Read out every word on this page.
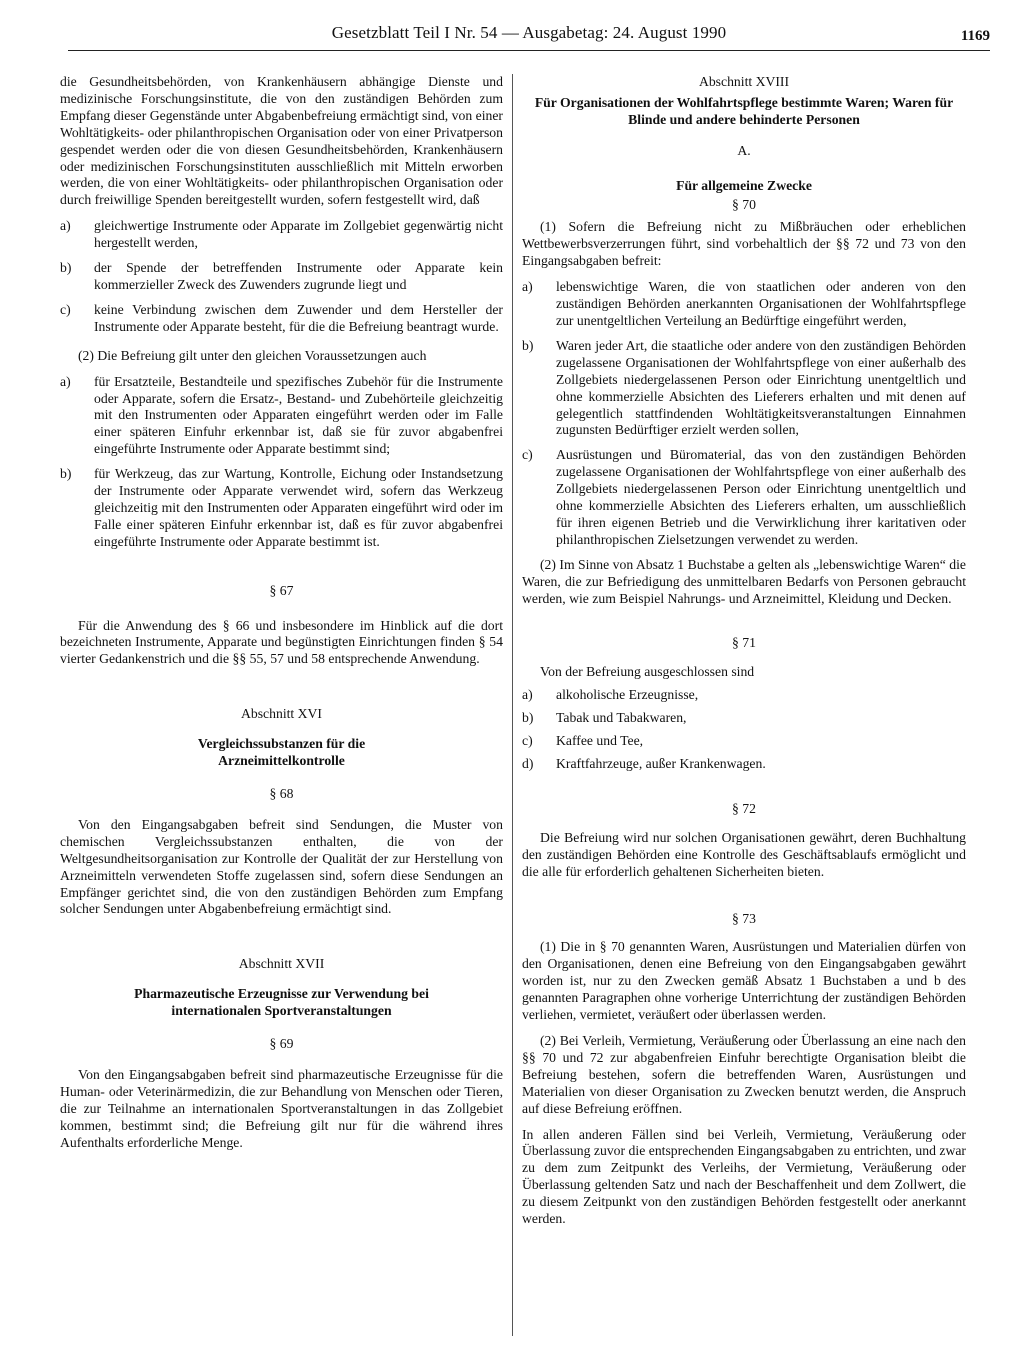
Gesetzblatt Teil I Nr. 54 — Ausgabetag: 24. August 1990	1169

die Gesundheitsbehörden, von Krankenhäusern abhängige Dienste und medizinische Forschungsinstitute, die von den zuständigen Behörden zum Empfang dieser Gegenstände unter Abgabenbefreiung ermächtigt sind, von einer Wohltätigkeits- oder philanthropischen Organisation oder von einer Privatperson gespendet werden oder die von diesen Gesundheitsbehörden, Krankenhäusern oder medizinischen Forschungsinstituten ausschließlich mit Mitteln erworben werden, die von einer Wohltätigkeits- oder philanthropischen Organisation oder durch freiwillige Spenden bereitgestellt wurden, sofern festgestellt wird, daß

a)	gleichwertige Instrumente oder Apparate im Zollgebiet gegenwärtig nicht hergestellt werden,
b)	der Spende der betreffenden Instrumente oder Apparate kein kommerzieller Zweck des Zuwenders zugrunde liegt und
c)	keine Verbindung zwischen dem Zuwender und dem Hersteller der Instrumente oder Apparate besteht, für die die Befreiung beantragt wurde.

(2) Die Befreiung gilt unter den gleichen Voraussetzungen auch

a)	für Ersatzteile, Bestandteile und spezifisches Zubehör für die Instrumente oder Apparate, sofern die Ersatz-, Bestand- und Zubehörteile gleichzeitig mit den Instrumenten oder Apparaten eingeführt werden oder im Falle einer späteren Einfuhr erkennbar ist, daß sie für zuvor abgabenfrei eingeführte Instrumente oder Apparate bestimmt sind;
b)	für Werkzeug, das zur Wartung, Kontrolle, Eichung oder Instandsetzung der Instrumente oder Apparate verwendet wird, sofern das Werkzeug gleichzeitig mit den Instrumenten oder Apparaten eingeführt wird oder im Falle einer späteren Einfuhr erkennbar ist, daß es für zuvor abgabenfrei eingeführte Instrumente oder Apparate bestimmt ist.

§ 67

Für die Anwendung des § 66 und insbesondere im Hinblick auf die dort bezeichneten Instrumente, Apparate und begünstigten Einrichtungen finden § 54 vierter Gedankenstrich und die §§ 55, 57 und 58 entsprechende Anwendung.

Abschnitt XVI

Vergleichssubstanzen für die Arzneimittelkontrolle

§ 68

Von den Eingangsabgaben befreit sind Sendungen, die Muster von chemischen Vergleichssubstanzen enthalten, die von der Weltgesundheitsorganisation zur Kontrolle der Qualität der zur Herstellung von Arzneimitteln verwendeten Stoffe zugelassen sind, sofern diese Sendungen an Empfänger gerichtet sind, die von den zuständigen Behörden zum Empfang solcher Sendungen unter Abgabenbefreiung ermächtigt sind.

Abschnitt XVII

Pharmazeutische Erzeugnisse zur Verwendung bei internationalen Sportveranstaltungen

§ 69

Von den Eingangsabgaben befreit sind pharmazeutische Erzeugnisse für die Human- oder Veterinärmedizin, die zur Behandlung von Menschen oder Tieren, die zur Teilnahme an internationalen Sportveranstaltungen in das Zollgebiet kommen, bestimmt sind; die Befreiung gilt nur für die während ihres Aufenthalts erforderliche Menge.

Abschnitt XVIII

Für Organisationen der Wohlfahrtspflege bestimmte Waren; Waren für Blinde und andere behinderte Personen

A.

Für allgemeine Zwecke

§ 70

(1) Sofern die Befreiung nicht zu Mißbräuchen oder erheblichen Wettbewerbsverzerrungen führt, sind vorbehaltlich der §§ 72 und 73 von den Eingangsabgaben befreit:

a)	lebenswichtige Waren, die von staatlichen oder anderen von den zuständigen Behörden anerkannten Organisationen der Wohlfahrtspflege zur unentgeltlichen Verteilung an Bedürftige eingeführt werden,
b)	Waren jeder Art, die staatliche oder andere von den zuständigen Behörden zugelassene Organisationen der Wohlfahrtspflege von einer außerhalb des Zollgebiets niedergelassenen Person oder Einrichtung unentgeltlich und ohne kommerzielle Absichten des Lieferers erhalten und mit denen auf gelegentlich stattfindenden Wohltätigkeitsveranstaltungen Einnahmen zugunsten Bedürftiger erzielt werden sollen,
c)	Ausrüstungen und Büromaterial, das von den zuständigen Behörden zugelassene Organisationen der Wohlfahrtspflege von einer außerhalb des Zollgebiets niedergelassenen Person oder Einrichtung unentgeltlich und ohne kommerzielle Absichten des Lieferers erhalten, um ausschließlich für ihren eigenen Betrieb und die Verwirklichung ihrer karitativen oder philanthropischen Zielsetzungen verwendet zu werden.

(2) Im Sinne von Absatz 1 Buchstabe a gelten als „lebenswichtige Waren“ die Waren, die zur Befriedigung des unmittelbaren Bedarfs von Personen gebraucht werden, wie zum Beispiel Nahrungs- und Arzneimittel, Kleidung und Decken.

§ 71

Von der Befreiung ausgeschlossen sind

a)	alkoholische Erzeugnisse,
b)	Tabak und Tabakwaren,
c)	Kaffee und Tee,
d)	Kraftfahrzeuge, außer Krankenwagen.

§ 72

Die Befreiung wird nur solchen Organisationen gewährt, deren Buchhaltung den zuständigen Behörden eine Kontrolle des Geschäftsablaufs ermöglicht und die alle für erforderlich gehaltenen Sicherheiten bieten.

§ 73

(1) Die in § 70 genannten Waren, Ausrüstungen und Materialien dürfen von den Organisationen, denen eine Befreiung von den Eingangsabgaben gewährt worden ist, nur zu den Zwecken gemäß Absatz 1 Buchstaben a und b des genannten Paragraphen ohne vorherige Unterrichtung der zuständigen Behörden verliehen, vermietet, veräußert oder überlassen werden.

(2) Bei Verleih, Vermietung, Veräußerung oder Überlassung an eine nach den §§ 70 und 72 zur abgabenfreien Einfuhr berechtigte Organisation bleibt die Befreiung bestehen, sofern die betreffenden Waren, Ausrüstungen und Materialien von dieser Organisation zu Zwecken benutzt werden, die Anspruch auf diese Befreiung eröffnen.

In allen anderen Fällen sind bei Verleih, Vermietung, Veräußerung oder Überlassung zuvor die entsprechenden Eingangsabgaben zu entrichten, und zwar zu dem zum Zeitpunkt des Verleihs, der Vermietung, Veräußerung oder Überlassung geltenden Satz und nach der Beschaffenheit und dem Zollwert, die zu diesem Zeitpunkt von den zuständigen Behörden festgestellt oder anerkannt werden.
